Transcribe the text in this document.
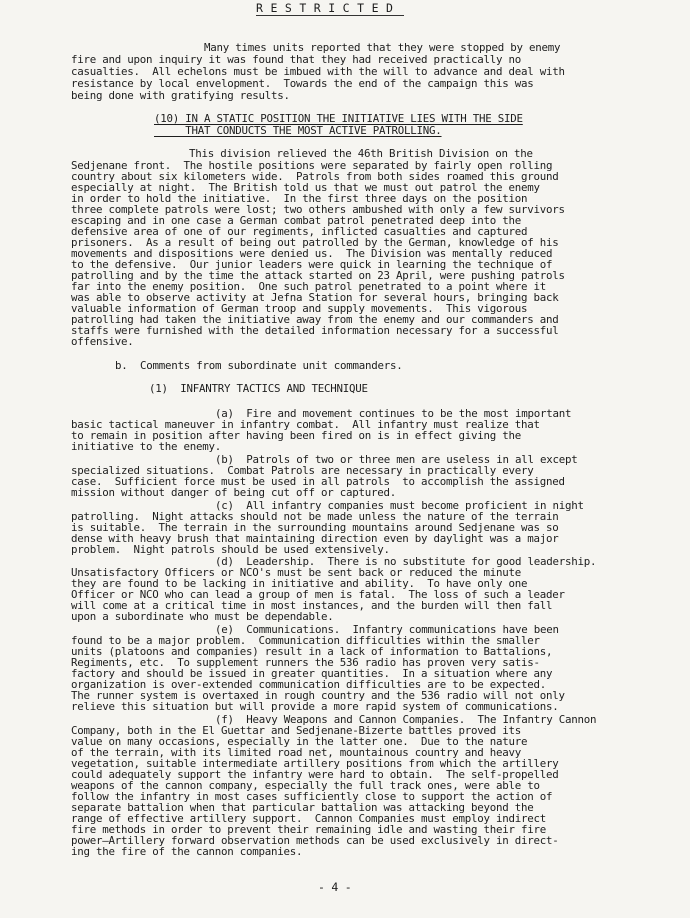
R E S T R I C T E D
Many times units reported that they were stopped by enemy
fire and upon inquiry it was found that they had received practically no
casualties.  All echelons must be imbued with the will to advance and deal with
resistance by local envelopment.  Towards the end of the campaign this was
being done with gratifying results.
(10) IN A STATIC POSITION THE INITIATIVE LIES WITH THE SIDE
THAT CONDUCTS THE MOST ACTIVE PATROLLING.
This division relieved the 46th British Division on the
Sedjenane front.  The hostile positions were separated by fairly open rolling
country about six kilometers wide.  Patrols from both sides roamed this ground
especially at night.  The British told us that we must out patrol the enemy
in order to hold the initiative.  In the first three days on the position
three complete patrols were lost; two others ambushed with only a few survivors
escaping and in one case a German combat patrol penetrated deep into the
defensive area of one of our regiments, inflicted casualties and captured
prisoners.  As a result of being out patrolled by the German, knowledge of his
movements and dispositions were denied us.  The Division was mentally reduced
to the defensive.  Our junior leaders were quick in learning the technique of
patrolling and by the time the attack started on 23 April, were pushing patrols
far into the enemy position.  One such patrol penetrated to a point where it
was able to observe activity at Jefna Station for several hours, bringing back
valuable information of German troop and supply movements.  This vigorous
patrolling had taken the initiative away from the enemy and our commanders and
staffs were furnished with the detailed information necessary for a successful
offensive.
b.  Comments from subordinate unit commanders.
(1)  INFANTRY TACTICS AND TECHNIQUE
(a)  Fire and movement continues to be the most important
basic tactical maneuver in infantry combat.  All infantry must realize that
to remain in position after having been fired on is in effect giving the
initiative to the enemy.
(b)  Patrols of two or three men are useless in all except
specialized situations.  Combat Patrols are necessary in practically every
case.  Sufficient force must be used in all patrols  to accomplish the assigned
mission without danger of being cut off or captured.
(c)  All infantry companies must become proficient in night
patrolling.  Night attacks should not be made unless the nature of the terrain
is suitable.  The terrain in the surrounding mountains around Sedjenane was so
dense with heavy brush that maintaining direction even by daylight was a major
problem.  Night patrols should be used extensively.
(d)  Leadership.  There is no substitute for good leadership.
Unsatisfactory Officers or NCO's must be sent back or reduced the minute
they are found to be lacking in initiative and ability.  To have only one
Officer or NCO who can lead a group of men is fatal.  The loss of such a leader
will come at a critical time in most instances, and the burden will then fall
upon a subordinate who must be dependable.
(e)  Communications.  Infantry communications have been
found to be a major problem.  Communication difficulties within the smaller
units (platoons and companies) result in a lack of information to Battalions,
Regiments, etc.  To supplement runners the 536 radio has proven very satis-
factory and should be issued in greater quantities.  In a situation where any
organization is over-extended communication difficulties are to be expected.
The runner system is overtaxed in rough country and the 536 radio will not only
relieve this situation but will provide a more rapid system of communications.
(f)  Heavy Weapons and Cannon Companies.  The Infantry Cannon
Company, both in the El Guettar and Sedjenane-Bizerte battles proved its
value on many occasions, especially in the latter one.  Due to the nature
of the terrain, with its limited road net, mountainous country and heavy
vegetation, suitable intermediate artillery positions from which the artillery
could adequately support the infantry were hard to obtain.  The self-propelled
weapons of the cannon company, especially the full track ones, were able to
follow the infantry in most cases sufficiently close to support the action of
separate battalion when that particular battalion was attacking beyond the
range of effective artillery support.  Cannon Companies must employ indirect
fire methods in order to prevent their remaining idle and wasting their fire
power—Artillery forward observation methods can be used exclusively in direct-
ing the fire of the cannon companies.
- 4 -
